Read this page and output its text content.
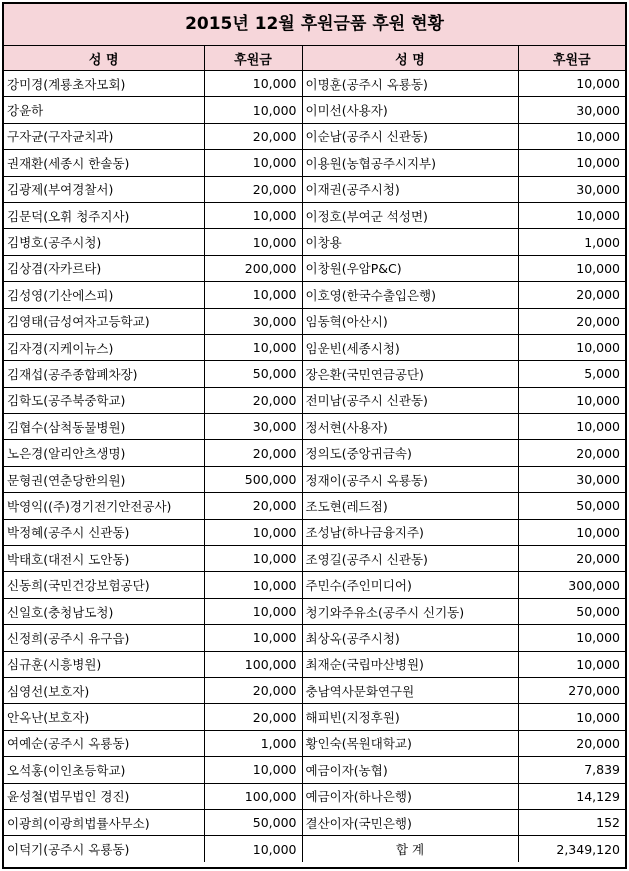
2015년 12월 후원금품 후원 현황
성 명	후원금	성 명	후원금
강미경(계룡초자모회)	10,000	이명훈(공주시 옥룡동)	10,000
강윤하	10,000	이미선(사용자)	30,000
구자균(구자균치과)	20,000	이순남(공주시 신관동)	10,000
권재환(세종시 한솔동)	10,000	이용원(농협공주시지부)	10,000
김광제(부여경찰서)	20,000	이재권(공주시청)	30,000
김문덕(오휘 청주지사)	10,000	이정호(부여군 석성면)	10,000
김병호(공주시청)	10,000	이창용	1,000
김상겸(자카르타)	200,000	이창원(우암P&C)	10,000
김성영(기산에스피)	10,000	이호영(한국수출입은행)	20,000
김영태(금성여자고등학교)	30,000	임동혁(아산시)	20,000
김자경(지케이뉴스)	10,000	임운빈(세종시청)	10,000
김재섭(공주종합폐차장)	50,000	장은환(국민연금공단)	5,000
김학도(공주북중학교)	20,000	전미남(공주시 신관동)	10,000
김협수(삼척동물병원)	30,000	정서현(사용자)	10,000
노은경(알리안츠생명)	20,000	정의도(중앙귀금속)	20,000
문형권(연춘당한의원)	500,000	정재이(공주시 옥룡동)	30,000
박영익((주)경기전기안전공사)	20,000	조도현(레드점)	50,000
박정혜(공주시 신관동)	10,000	조성남(하나금융지주)	10,000
박태호(대전시 도안동)	10,000	조영길(공주시 신관동)	20,000
신동희(국민건강보험공단)	10,000	주민수(주인미디어)	300,000
신일호(충청남도청)	10,000	청기와주유소(공주시 신기동)	50,000
신정희(공주시 유구읍)	10,000	최상옥(공주시청)	10,000
심규훈(시흥병원)	100,000	최재순(국립마산병원)	10,000
심영선(보호자)	20,000	충남역사문화연구원	270,000
안옥난(보호자)	20,000	해피빈(지정후원)	10,000
여예순(공주시 옥룡동)	1,000	황인숙(목원대학교)	20,000
오석홍(이인초등학교)	10,000	예금이자(농협)	7,839
윤성철(법무법인 경진)	100,000	예금이자(하나은행)	14,129
이광희(이광희법률사무소)	50,000	결산이자(국민은행)	152
이덕기(공주시 옥룡동)	10,000	합 계	2,349,120
